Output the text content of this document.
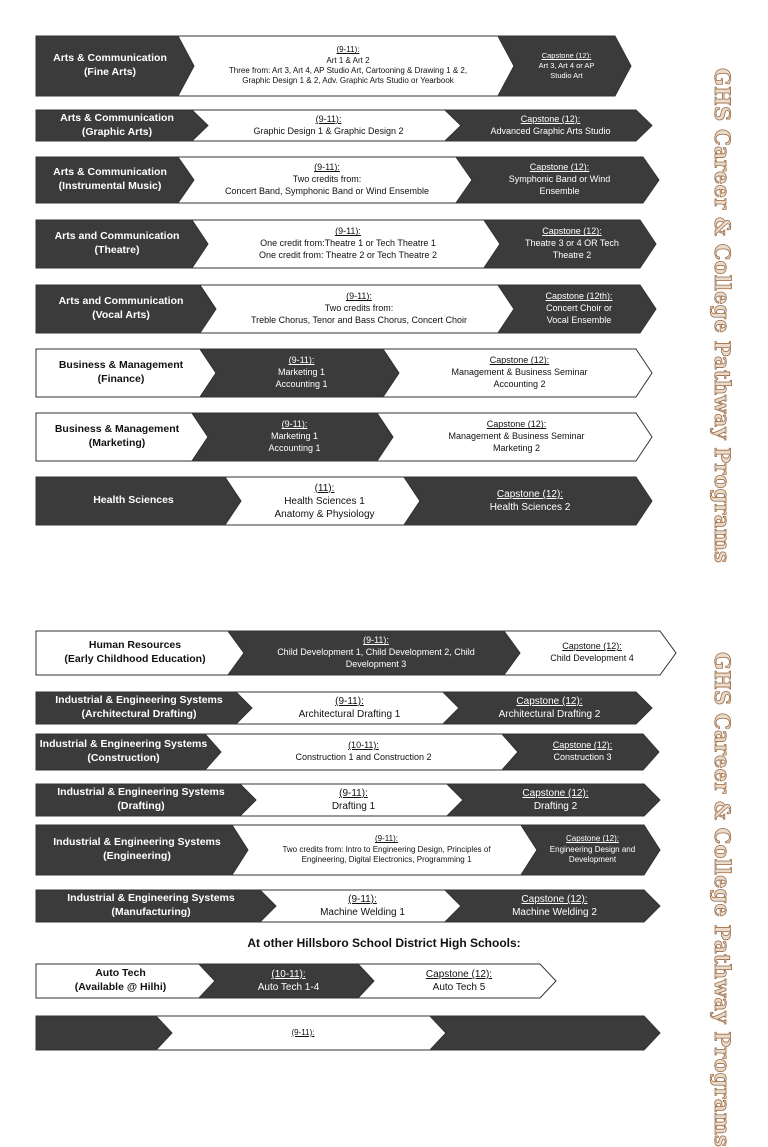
Arts & Communication
(Fine Arts)
(9-11):
Art 1 & Art 2
Three from: Art 3, Art 4, AP Studio Art, Cartooning & Drawing 1 & 2,
Graphic Design 1 & 2, Adv. Graphic Arts Studio or Yearbook
Capstone (12):
Art 3, Art 4 or AP
Studio Art
Arts & Communication
(Graphic Arts)
(9-11):
Graphic Design 1 & Graphic Design 2
Capstone (12):
Advanced Graphic Arts Studio
Arts & Communication
(Instrumental Music)
(9-11):
Two credits from:
Concert Band, Symphonic Band or Wind Ensemble
Capstone (12):
Symphonic Band or Wind
Ensemble
Arts and Communication
(Theatre)
(9-11):
One credit from:Theatre 1 or Tech Theatre 1
One credit from: Theatre 2 or Tech Theatre 2
Capstone (12):
Theatre 3 or 4 OR Tech
Theatre 2
Arts and Communication
(Vocal Arts)
(9-11):
Two credits from:
Treble Chorus, Tenor and Bass Chorus, Concert Choir
Capstone (12th):
Concert Choir or
Vocal Ensemble
Business & Management
(Finance)
(9-11):
Marketing 1
Accounting 1
Capstone (12):
Management & Business Seminar
Accounting 2
Business & Management
(Marketing)
(9-11):
Marketing 1
Accounting 1
Capstone (12):
Management & Business Seminar
Marketing 2
Health Sciences
(11):
Health Sciences 1
Anatomy & Physiology
Capstone (12):
Health Sciences 2
Human Resources
(Early Childhood Education)
(9-11):
Child Development 1, Child Development 2, Child
Development 3
Capstone (12):
Child Development 4
Industrial & Engineering Systems
(Architectural Drafting)
(9-11):
Architectural Drafting 1
Capstone (12):
Architectural Drafting 2
Industrial & Engineering Systems
(Construction)
(10-11):
Construction 1 and Construction 2
Capstone (12):
Construction 3
Industrial & Engineering Systems
(Drafting)
(9-11):
Drafting 1
Capstone (12):
Drafting 2
Industrial & Engineering Systems
(Engineering)
(9-11):
Two credits from: Intro to Engineering Design, Principles of
Engineering, Digital Electronics, Programming 1
Capstone (12):
Engineering Design and
Development
Industrial & Engineering Systems
(Manufacturing)
(9-11):
Machine Welding 1
Capstone (12):
Machine Welding 2
Auto Tech
(Available @ Hilhi)
(10-11):
Auto Tech 1-4
Capstone (12):
Auto Tech 5
(9-11):
GHS Career & College Pathway Programs
GHS Career & College Pathway Programs
At other Hillsboro School District High Schools:
